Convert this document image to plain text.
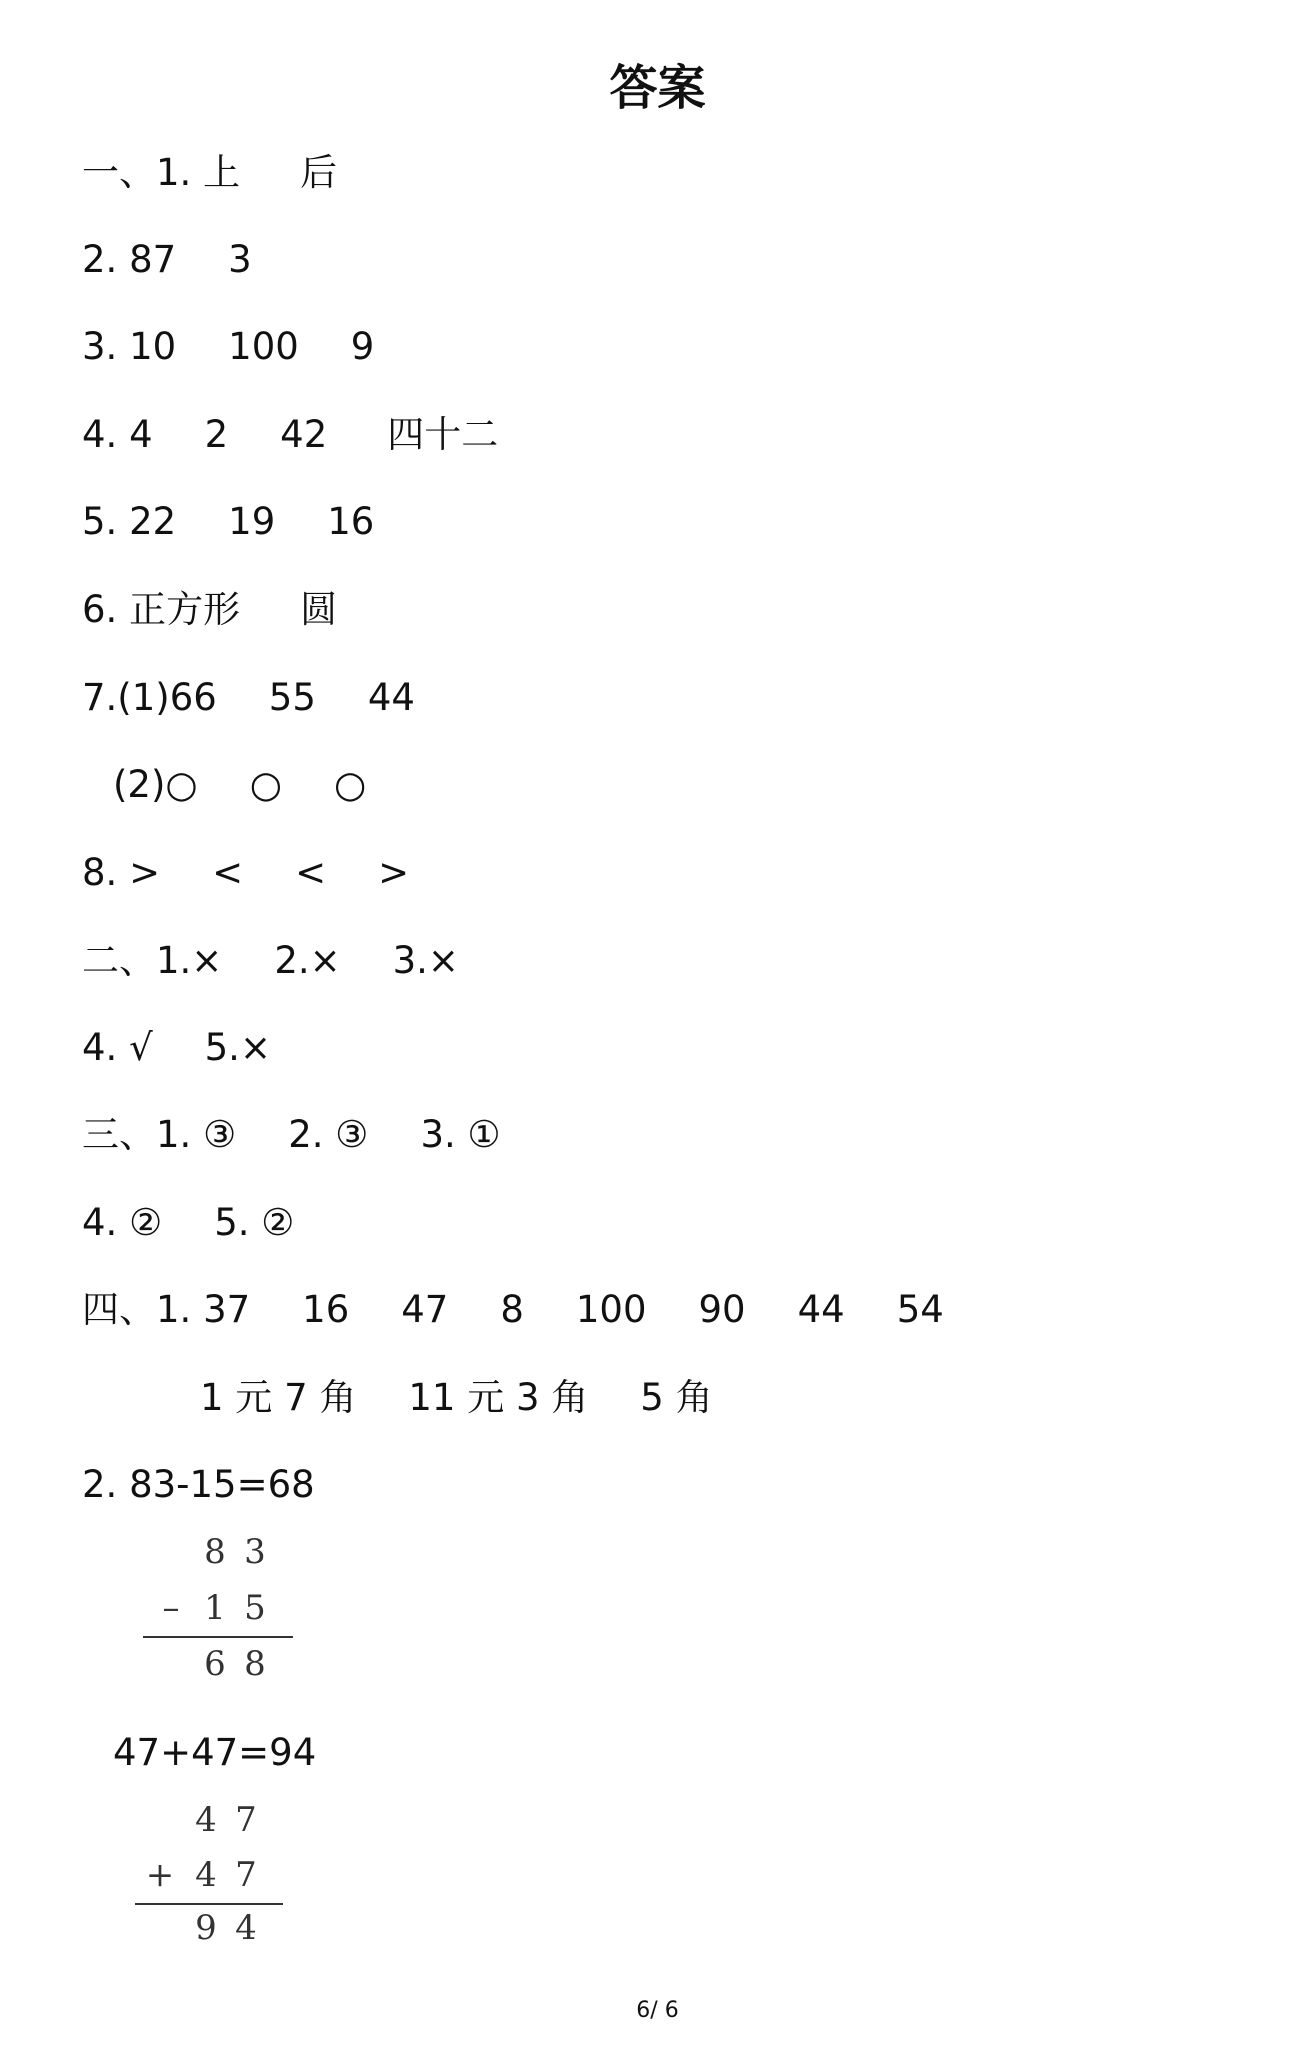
答案
一、1. 上 后
2. 87 3
3. 10 100 9
4. 4 2 42 四十二
5. 22 19 16
6. 正方形 圆
7.(1)66 55 44
(2)○ ○ ○
8. > < < >
二、1.× 2.× 3.×
4. √ 5.×
三、1. ③ 2. ③ 3. ①
4. ② 5. ②
四、1. 37 16 47 8 100 90 44 54
1 元 7 角 11 元 3 角 5 角
2. 83-15=68
8 3
– 1 5
6 8
47+47=94
4 7
+ 4 7
9 4
6/ 6
